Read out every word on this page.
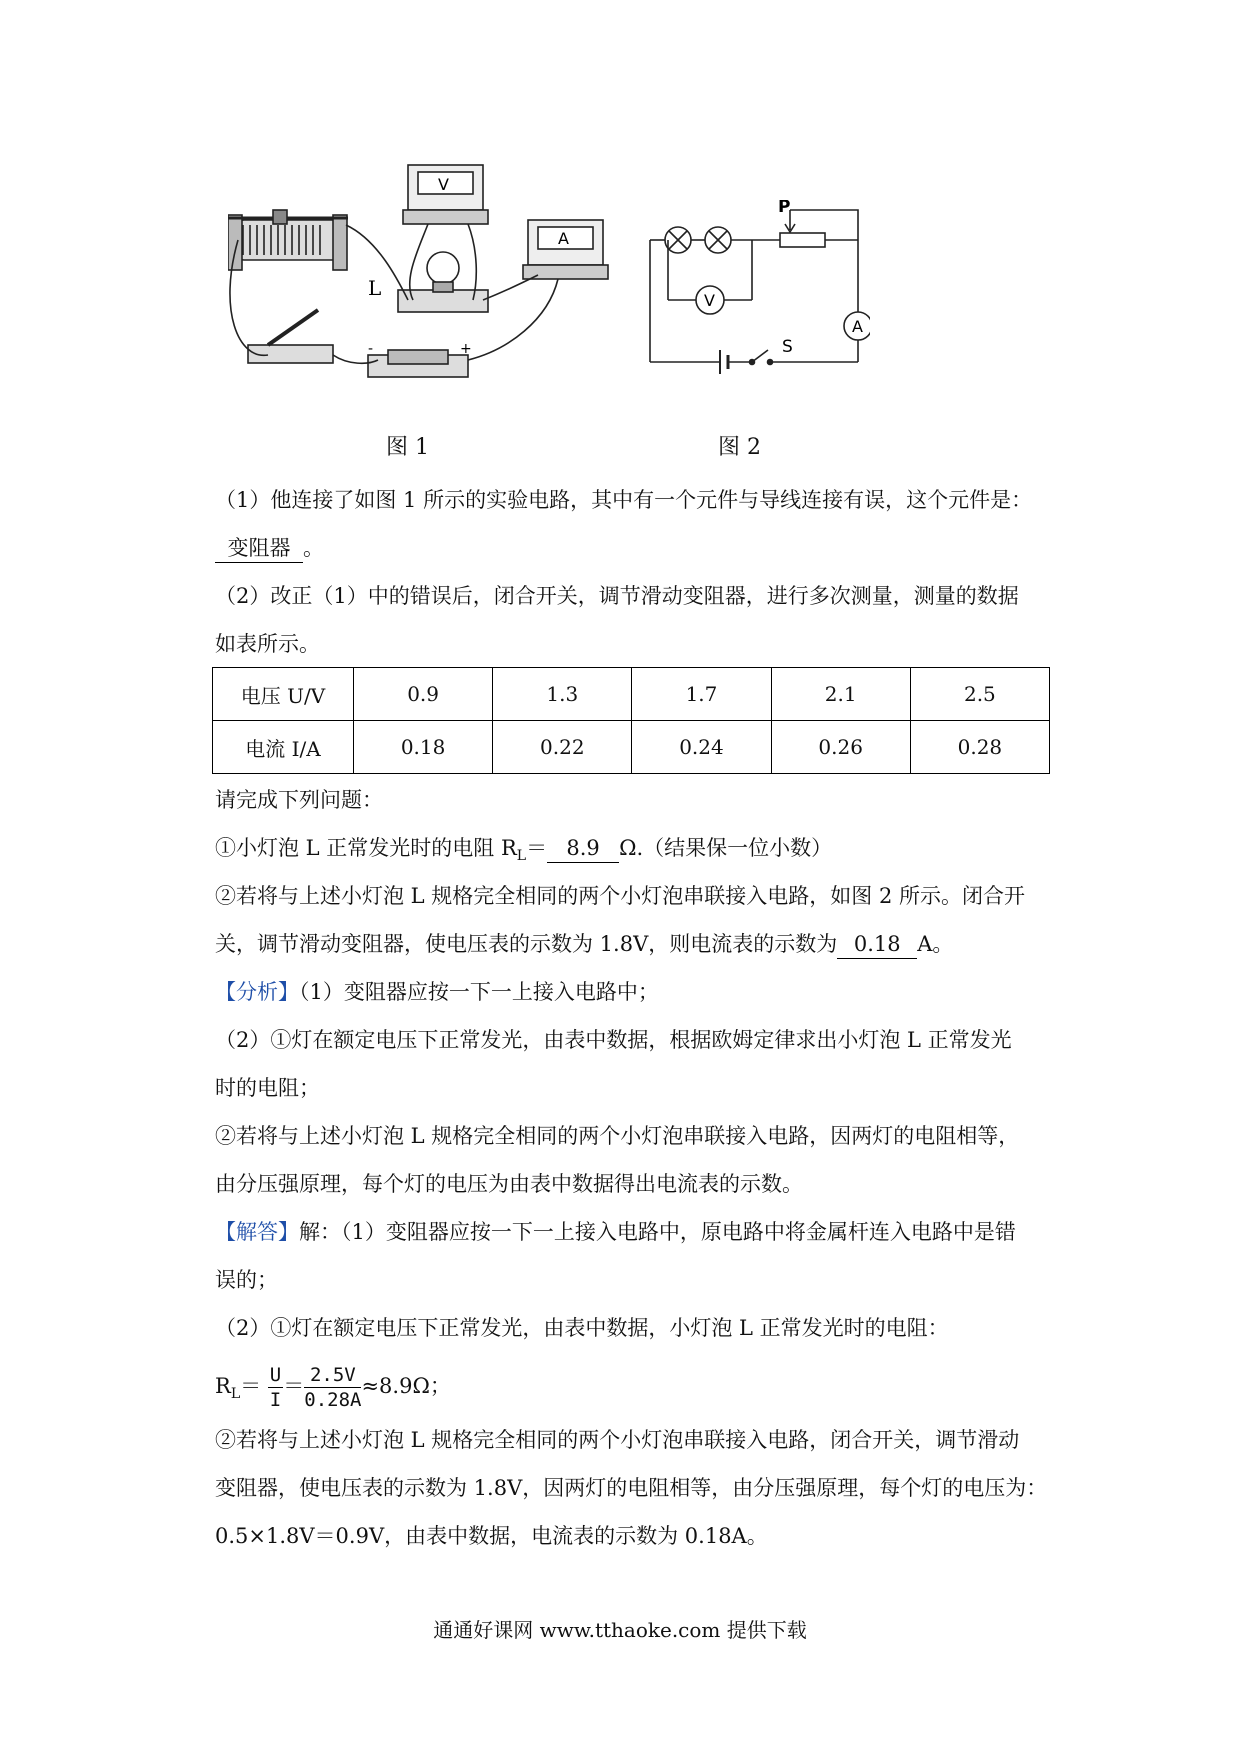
L
V
A
-	+
P
V
A
S
图 1	图 2
（1）他连接了如图 1 所示的实验电路，其中有一个元件与导线连接有误，这个元件是：
变阻器 。
（2）改正（1）中的错误后，闭合开关，调节滑动变阻器，进行多次测量，测量的数据
如表所示。
电压 U/V	0.9	1.3	1.7	2.1	2.5
电流 I/A	0.18	0.22	0.24	0.26	0.28
请完成下列问题：
①小灯泡 L 正常发光时的电阻 $R_L= 8.9$ Ω.（结果保一位小数）
②若将与上述小灯泡 L 规格完全相同的两个小灯泡串联接入电路，如图 2 所示。闭合开
关，调节滑动变阻器，使电压表的示数为 1.8V，则电流表的示数为 0.18 A。
【分析】（1）变阻器应按一下一上接入电路中；
（2）①灯在额定电压下正常发光，由表中数据，根据欧姆定律求出小灯泡 L 正常发光
时的电阻；
②若将与上述小灯泡 L 规格完全相同的两个小灯泡串联接入电路，因两灯的电阻相等，
由分压强原理，每个灯的电压为由表中数据得出电流表的示数。
【解答】解：（1）变阻器应按一下一上接入电路中，原电路中将金属杆连入电路中是错
误的；
（2）①灯在额定电压下正常发光，由表中数据，小灯泡 L 正常发光时的电阻：
$R_L= \frac{U}{I} = \frac{2.5V}{0.28A} \approx 8.9\Omega$；
②若将与上述小灯泡 L 规格完全相同的两个小灯泡串联接入电路，闭合开关，调节滑动
变阻器，使电压表的示数为 1.8V，因两灯的电阻相等，由分压强原理，每个灯的电压为：
0.5×1.8V＝0.9V，由表中数据，电流表的示数为 0.18A。
通通好课网 www.tthaoke.com 提供下载
